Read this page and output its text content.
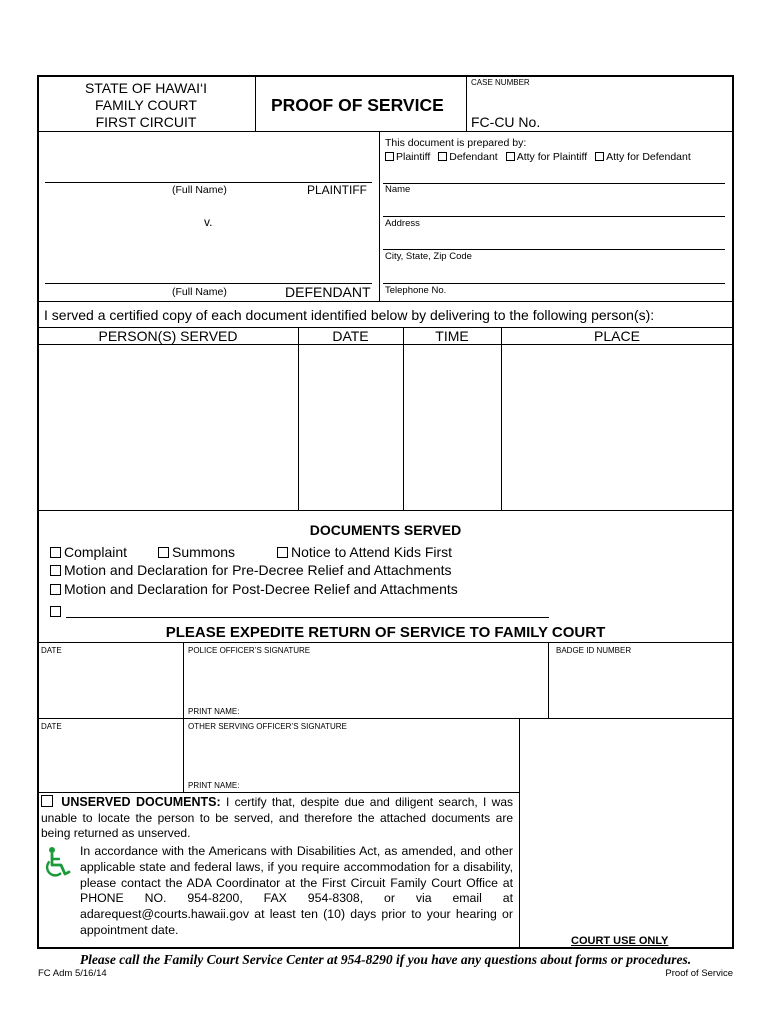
STATE OF HAWAI‘I
FAMILY COURT
FIRST CIRCUIT
PROOF OF SERVICE
CASE NUMBER
FC-CU No.
(Full Name)	PLAINTIFF
v.
(Full Name)	DEFENDANT
This document is prepared by:
Plaintiff Defendant Atty for Plaintiff Atty for Defendant
Name
Address
City, State, Zip Code
Telephone No.
I served a certified copy of each document identified below by delivering to the following person(s):
PERSON(S) SERVED	DATE	TIME	PLACE
DOCUMENTS SERVED
Complaint	Summons	Notice to Attend Kids First
Motion and Declaration for Pre-Decree Relief and Attachments
Motion and Declaration for Post-Decree Relief and Attachments
PLEASE EXPEDITE RETURN OF SERVICE TO FAMILY COURT
DATE	POLICE OFFICER’S SIGNATURE	BADGE ID NUMBER
PRINT NAME:
DATE	OTHER SERVING OFFICER’S SIGNATURE
PRINT NAME:
UNSERVED DOCUMENTS: I certify that, despite due and diligent search, I was unable to locate the person to be served, and therefore the attached documents are being returned as unserved.
In accordance with the Americans with Disabilities Act, as amended, and other applicable state and federal laws, if you require accommodation for a disability, please contact the ADA Coordinator at the First Circuit Family Court Office at PHONE NO. 954-8200, FAX 954-8308, or via email at adarequest@courts.hawaii.gov at least ten (10) days prior to your hearing or appointment date.
COURT USE ONLY
Please call the Family Court Service Center at 954-8290 if you have any questions about forms or procedures.
FC Adm 5/16/14	Proof of Service
